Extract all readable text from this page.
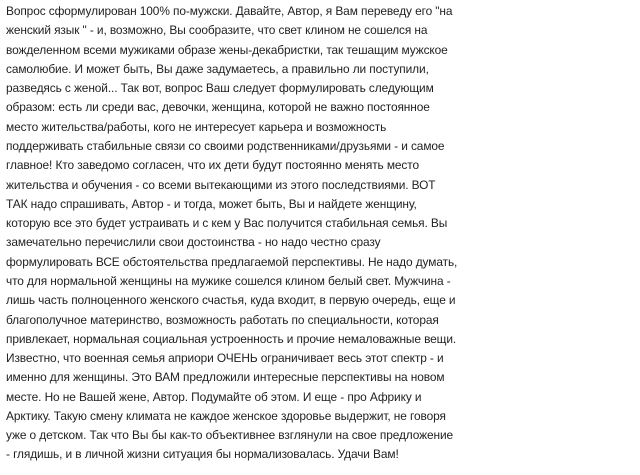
Вопрос сформулирован 100% по-мужски. Давайте, Автор, я Вам переведу его "на
женский язык " - и, возможно, Вы сообразите, что свет клином не сошелся на
вожделенном всеми мужиками образе жены-декабристки, так тешащим мужское
самолюбие. И может быть, Вы даже задумаетесь, а правильно ли поступили,
разведясь с женой... Так вот, вопрос Ваш следует формулировать следующим
образом: есть ли среди вас, девочки, женщина, которой не важно постоянное
место жительства/работы, кого не интересует карьера и возможность
поддерживать стабильные связи со своими родственниками/друзьями - и самое
главное! Кто заведомо согласен, что их дети будут постоянно менять место
жительства и обучения - со всеми вытекающими из этого последствиями. ВОТ
ТАК надо спрашивать, Автор - и тогда, может быть, Вы и найдете женщину,
которую все это будет устраивать и с кем у Вас получится стабильная семья. Вы
замечательно перечислили свои достоинства - но надо честно сразу
формулировать ВСЕ обстоятельства предлагаемой перспективы. Не надо думать,
что для нормальной женщины на мужике сошелся клином белый свет. Мужчина -
лишь часть полноценного женского счастья, куда входит, в первую очередь, еще и
благополучное материнство, возможность работать по специальности, которая
привлекает, нормальная социальная устроенность и прочие немаловажные вещи.
Известно, что военная семья априори ОЧЕНЬ ограничивает весь этот спектр - и
именно для женщины. Это ВАМ предложили интересные перспективы на новом
месте. Но не Вашей жене, Автор. Подумайте об этом. И еще - про Африку и
Арктику. Такую смену климата не каждое женское здоровье выдержит, не говоря
уже о детском. Так что Вы бы как-то объективнее взглянули на свое предложение
- глядишь, и в личной жизни ситуация бы нормализовалась. Удачи Вам!
